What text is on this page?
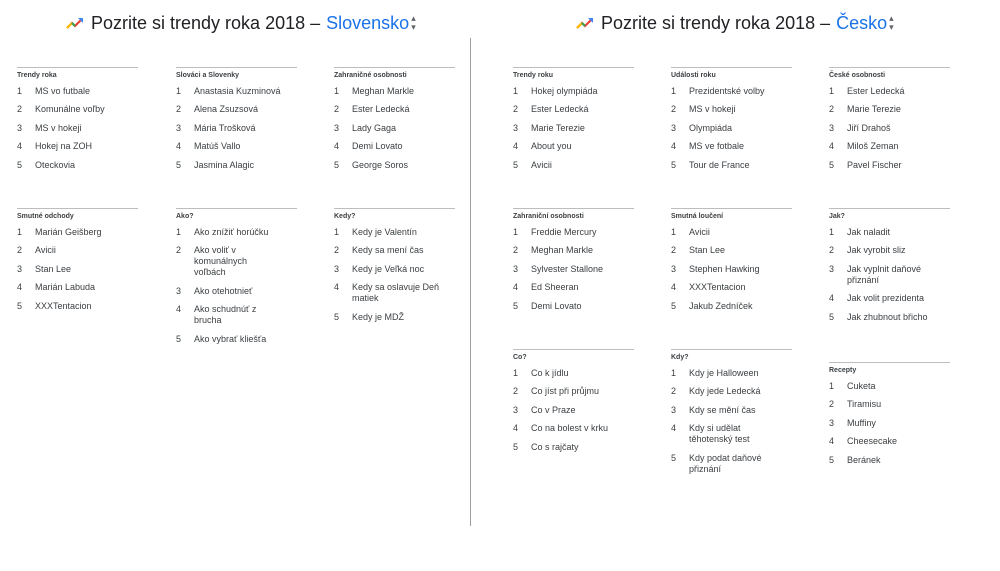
Pozrite si trendy roka 2018 – Slovensko ▴
▾	Pozrite si trendy roka 2018 – Česko ▴
▾
Trendy roka
1	MS vo futbale
2	Komunálne voľby
3	MS v hokeji
4	Hokej na ZOH
5	Oteckovia
Slováci a Slovenky
1	Anastasia Kuzminová
2	Alena Zsuzsová
3	Mária Trošková
4	Matúš Vallo
5	Jasmina Alagic
Zahraničné osobnosti
1	Meghan Markle
2	Ester Ledecká
3	Lady Gaga
4	Demi Lovato
5	George Soros
Smutné odchody
1	Marián Geišberg
2	Avicii
3	Stan Lee
4	Marián Labuda
5	XXXTentacion
Ako?
1	Ako znížiť horúčku
2	Ako voliť v komunálnych voľbách
3	Ako otehotnieť
4	Ako schudnúť z brucha
5	Ako vybrať kliešťa
Kedy?
1	Kedy je Valentín
2	Kedy sa mení čas
3	Kedy je Veľká noc
4	Kedy sa oslavuje Deň matiek
5	Kedy je MDŽ
Trendy roku
1	Hokej olympiáda
2	Ester Ledecká
3	Marie Terezie
4	About you
5	Avicii
Události roku
1	Prezidentské volby
2	MS v hokeji
3	Olympiáda
4	MS ve fotbale
5	Tour de France
České osobnosti
1	Ester Ledecká
2	Marie Terezie
3	Jiří Drahoš
4	Miloš Zeman
5	Pavel Fischer
Zahraniční osobnosti
1	Freddie Mercury
2	Meghan Markle
3	Sylvester Stallone
4	Ed Sheeran
5	Demi Lovato
Smutná loučení
1	Avicii
2	Stan Lee
3	Stephen Hawking
4	XXXTentacion
5	Jakub Zedníček
Jak?
1	Jak naladit
2	Jak vyrobit sliz
3	Jak vyplnit daňové přiznání
4	Jak volit prezidenta
5	Jak zhubnout břicho
Co?
1	Co k jídlu
2	Co jíst při průjmu
3	Co v Praze
4	Co na bolest v krku
5	Co s rajčaty
Kdy?
1	Kdy je Halloween
2	Kdy jede Ledecká
3	Kdy se mění čas
4	Kdy si udělat těhotenský test
5	Kdy podat daňové přiznání
Recepty
1	Cuketa
2	Tiramisu
3	Muffiny
4	Cheesecake
5	Beránek
